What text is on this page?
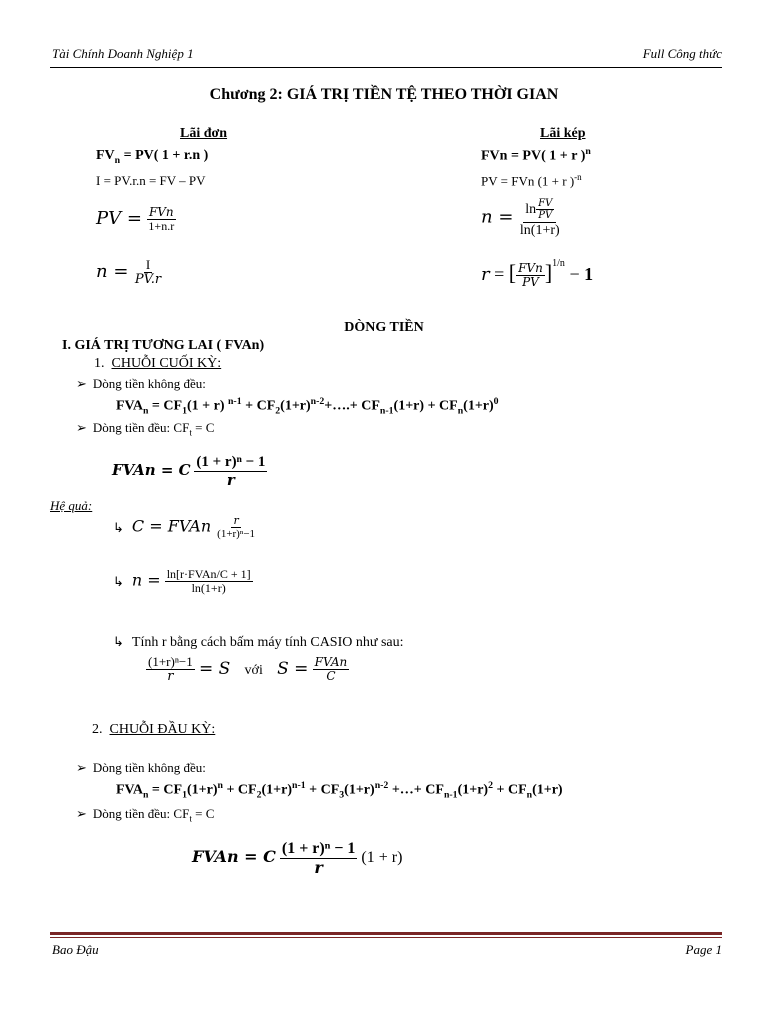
Tài Chính Doanh Nghiệp 1	Full Công thức
Chương 2: GIÁ TRỊ TIỀN TỆ THEO THỜI GIAN
Lãi đơn
$FV_n = PV$( 1 + r.n )
I = PV.r.n = FV – PV
PV = $\frac{\text{FVn}}{1+n.r}$
$n = \frac{I}{PV.r}$
Lãi kép
FVn = PV( 1 + r )$^n$
PV = FVn (1 + r )$^{-n}$
$n = \frac{\ln \frac{FV}{PV}}{\ln(1+r)}$
r = [ $\frac{\text{FVn}}{PV} ]^{1/n} - 1$
DÒNG TIỀN
I. GIÁ TRỊ TƯƠNG LAI ( FVAn)
1. CHUỖI CUỐI KỲ:
➢ Dòng tiền không đều:
$FVA_n = CF_1(1 + r) ^{n-1}$ + $CF_2(1+r)^{n-2}+\dots.+ CF_{n-1}(1+r) + CF_n(1+r)^0$
➢ Dòng tiền đều: $CF_t = C$
FVAn = C $\frac{\text{(1 + r)ⁿ − 1}}{r}$
Hệ quả:
↳ C = FVAn $\frac{r}{\text{(1+r)ⁿ−1}}$
↳ $n = \frac{\text{ln[r·FVAn/C + 1]}}{\ln(1+r)}$
↳ Tính r bằng cách bấm máy tính CASIO như sau:
$\frac{\text{(1+r)ⁿ−1}}{r} = S$ với $S = \frac{\text{FVAn}}{C}$
2. CHUỖI ĐẦU KỲ:
➢ Dòng tiền không đều:
$FVA_n = CF_1(1+r)^n + CF_2(1+r)^{n-1} + CF_3(1+r)^{n-2}$ +…+ $CF_{n-1}(1+r)^2 + CF_n(1+r)$
➢ Dòng tiền đều: $CF_t = C$
FVAn = C $\frac{\text{(1 + r)ⁿ − 1}}{r} (1 + r)$
Bao Đậu	Page 1
